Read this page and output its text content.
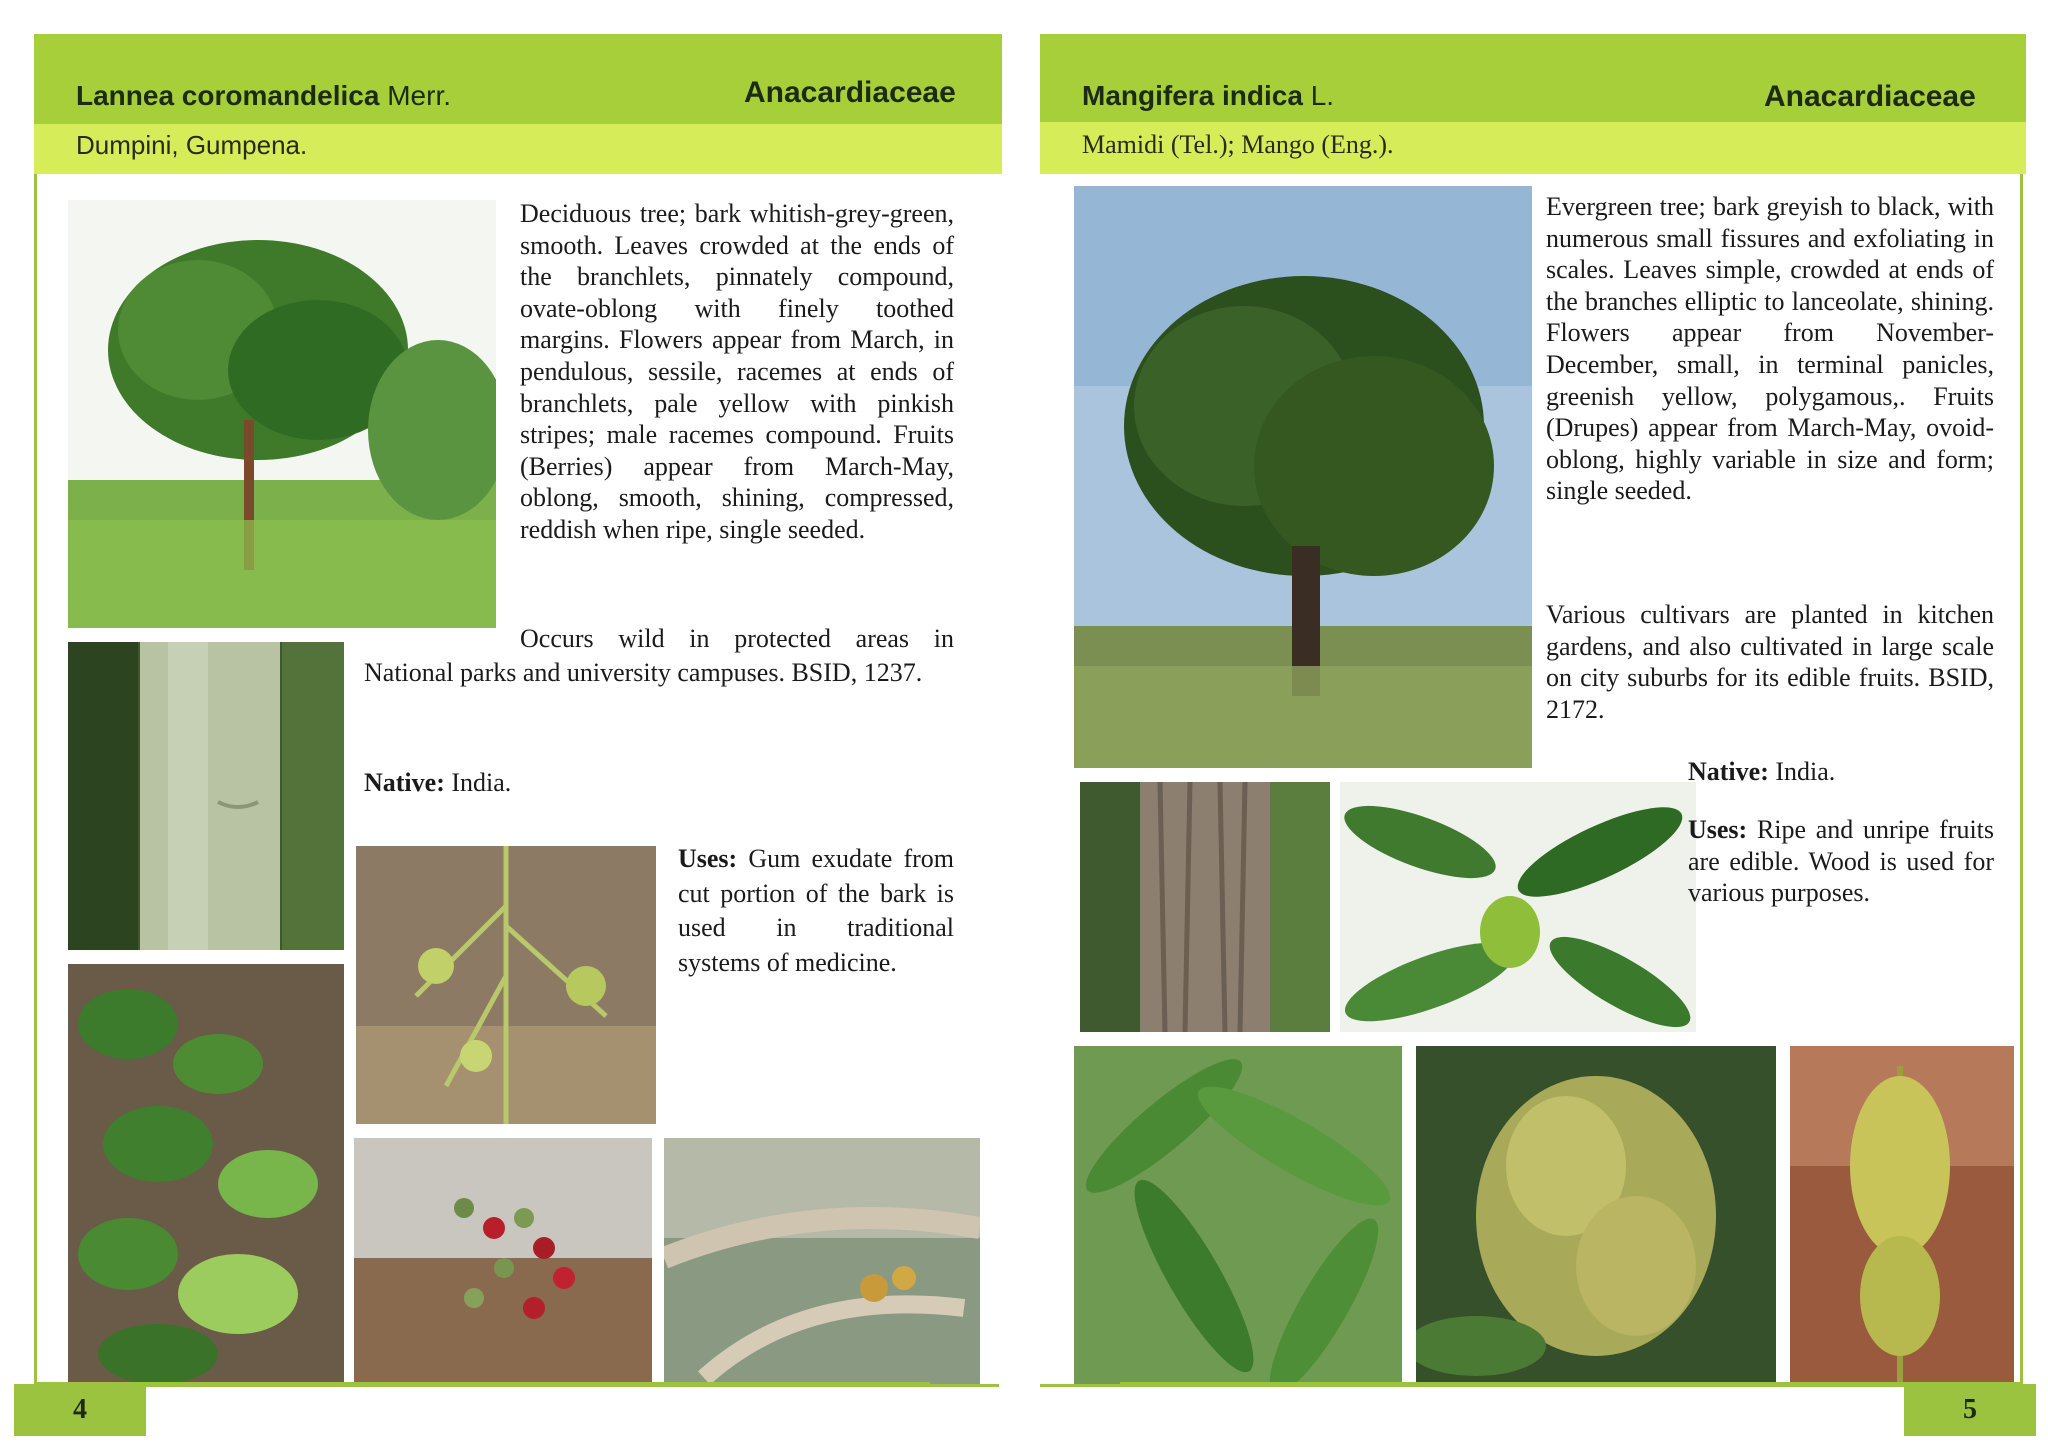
Lannea coromandelica Merr.	Anacardiaceae
Dumpini, Gumpena.

Deciduous tree; bark whitish-grey-green, smooth. Leaves crowded at the ends of the branchlets, pinnately compound, ovate-oblong with finely toothed margins. Flowers appear from March, in pendulous, sessile, racemes at ends of branchlets, pale yellow with pinkish stripes; male racemes compound. Fruits (Berries) appear from March-May, oblong, smooth, shining, compressed, reddish when ripe, single seeded.

Occurs wild in protected areas in National parks and university campuses. BSID, 1237.

Native: India.

Uses: Gum exudate from cut portion of the bark is used in traditional systems of medicine.

4
Mangifera indica L.	Anacardiaceae
Mamidi (Tel.); Mango (Eng.).

Evergreen tree; bark greyish to black, with numerous small fissures and exfoliating in scales. Leaves simple, crowded at ends of the branches elliptic to lanceolate, shining. Flowers appear from November- December, small, in terminal panicles, greenish yellow, polygamous,. Fruits (Drupes) appear from March-May, ovoid-oblong, highly variable in size and form; single seeded.

Various cultivars are planted in kitchen gardens, and also cultivated in large scale on city suburbs for its edible fruits. BSID, 2172.

Native: India.

Uses: Ripe and unripe fruits are edible. Wood is used for various purposes.

5
